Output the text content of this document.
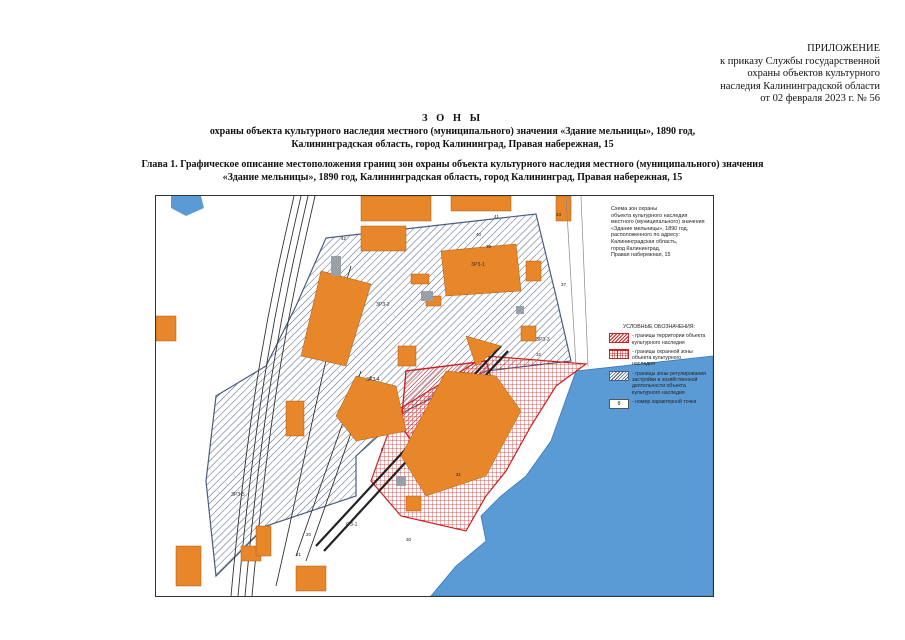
ПРИЛОЖЕНИЕ
к приказу Службы государственной
охраны объектов культурного
наследия Калининградской области
от 02 февраля 2023 г. № 56
З О Н Ы
охраны объекта культурного наследия местного (муниципального) значения «Здание мельницы», 1890 год,
Калининградская область, город Калининград, Правая набережная, 15
Глава 1. Графическое описание местоположения границ зон охраны объекта культурного наследия местного (муниципального) значения
«Здание мельницы», 1890 год, Калининградская область, город Калининград, Правая набережная, 15
ЗРЗ-1
ЗРЗ-2
ЗРЗ-3
ЗРЗ-4
ЗРЗ-5
ОЗ-1
43
42
41
40
39
37
32
31
30
21
20
8
Схема зон охраны
объекта культурного наследия
местного (муниципального) значения
«Здание мельницы», 1890 год,
расположенного по адресу:
Калининградская область,
город Калининград,
Правая набережная, 15
УСЛОВНЫЕ ОБОЗНАЧЕНИЯ:
- границы территории объекта
культурного наследия
- границы охранной зоны
объекта культурного
наследия
- границы зоны регулирования
застройки и хозяйственной
деятельности объекта
культурного наследия
8	- номер характерной точки
